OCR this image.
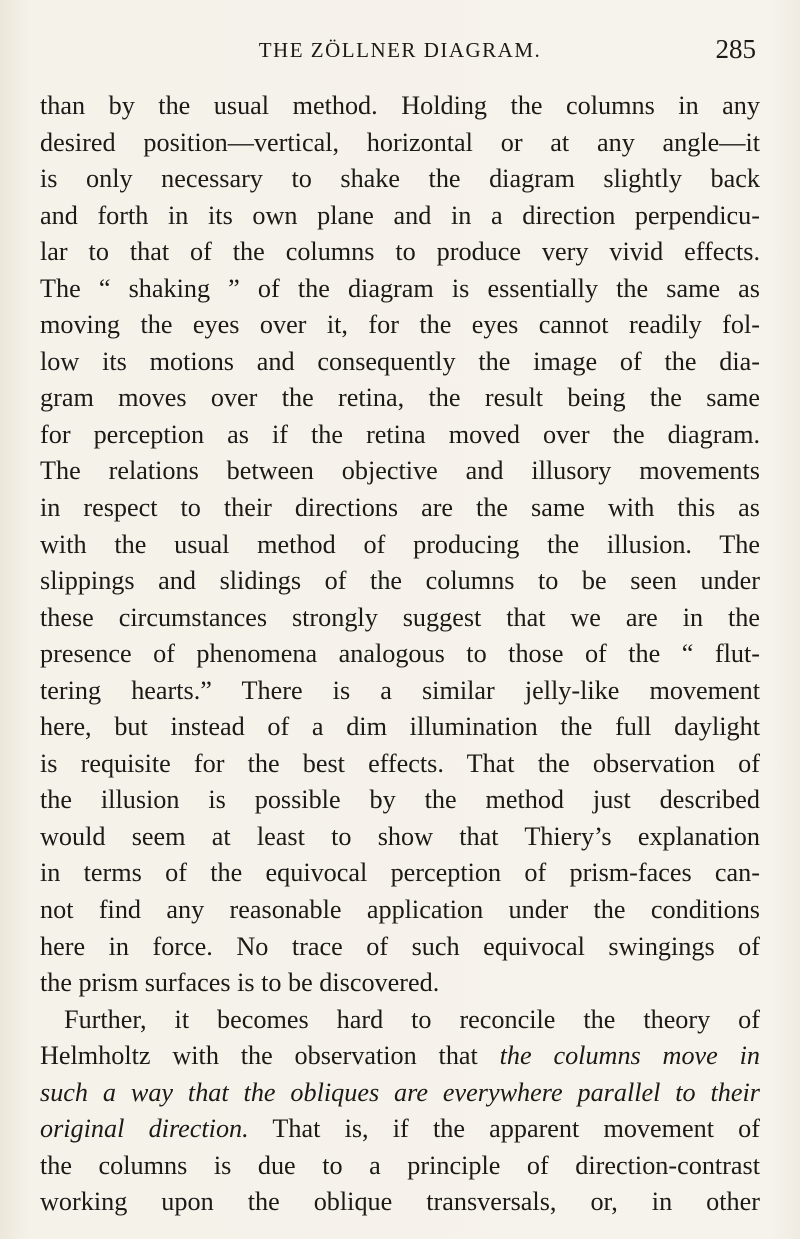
THE ZÖLLNER DIAGRAM.	285
than by the usual method. Holding the columns in any
desired position—vertical, horizontal or at any angle—it
is only necessary to shake the diagram slightly back
and forth in its own plane and in a direction perpendicu-
lar to that of the columns to produce very vivid effects.
The “ shaking ” of the diagram is essentially the same as
moving the eyes over it, for the eyes cannot readily fol-
low its motions and consequently the image of the dia-
gram moves over the retina, the result being the same
for perception as if the retina moved over the diagram.
The relations between objective and illusory movements
in respect to their directions are the same with this as
with the usual method of producing the illusion. The
slippings and slidings of the columns to be seen under
these circumstances strongly suggest that we are in the
presence of phenomena analogous to those of the “ flut-
tering hearts.” There is a similar jelly-like movement
here, but instead of a dim illumination the full daylight
is requisite for the best effects. That the observation of
the illusion is possible by the method just described
would seem at least to show that Thiery’s explanation
in terms of the equivocal perception of prism-faces can-
not find any reasonable application under the conditions
here in force. No trace of such equivocal swingings of
the prism surfaces is to be discovered.
Further, it becomes hard to reconcile the theory of
Helmholtz with the observation that the columns move in
such a way that the obliques are everywhere parallel to their
original direction. That is, if the apparent movement of
the columns is due to a principle of direction-contrast
working upon the oblique transversals, or, in other
